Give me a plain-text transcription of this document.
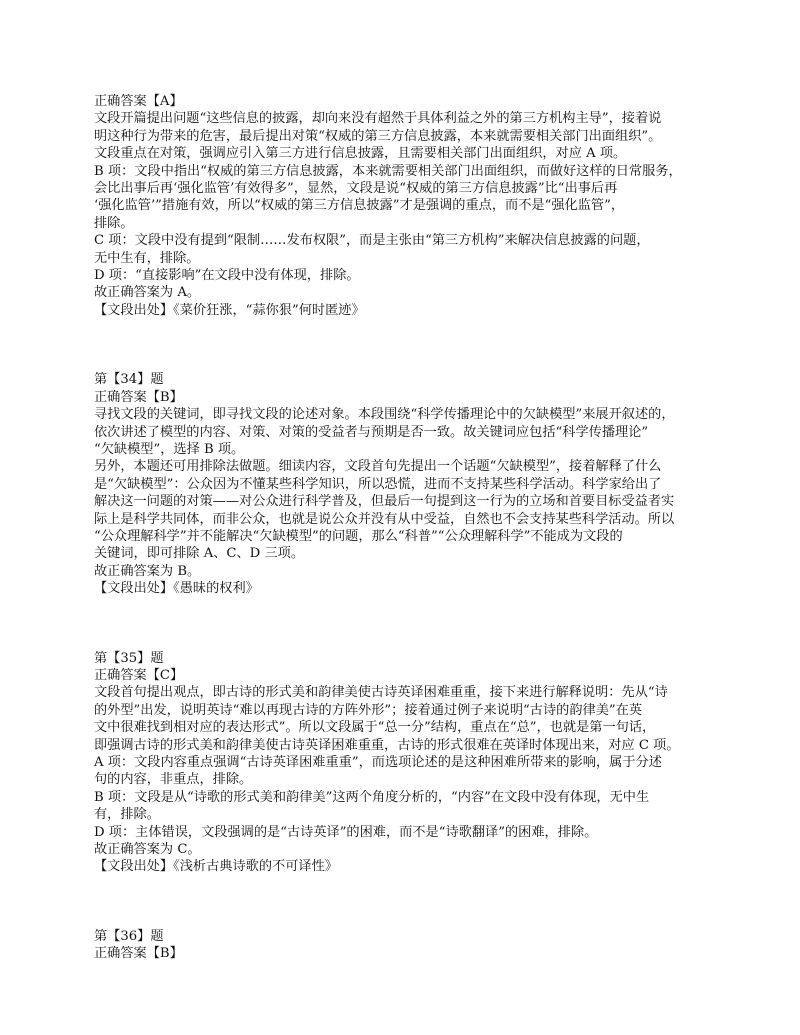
正确答案【A】
文段开篇提出问题“这些信息的披露，却向来没有超然于具体利益之外的第三方机构主导”，接着说
明这种行为带来的危害，最后提出对策“权威的第三方信息披露，本来就需要相关部门出面组织”。
文段重点在对策，强调应引入第三方进行信息披露，且需要相关部门出面组织，对应 A 项。
B 项：文段中指出“权威的第三方信息披露，本来就需要相关部门出面组织，而做好这样的日常服务，
会比出事后再‘强化监管’有效得多”，显然，文段是说“权威的第三方信息披露”比“出事后再
‘强化监管’”措施有效，所以“权威的第三方信息披露”才是强调的重点，而不是“强化监管”，
排除。
C 项：文段中没有提到“限制……发布权限”，而是主张由“第三方机构”来解决信息披露的问题，
无中生有，排除。
D 项：“直接影响”在文段中没有体现，排除。
故正确答案为 A。
【文段出处】《菜价狂涨，“蒜你狠”何时匿迹》
第【34】题
正确答案【B】
寻找文段的关键词，即寻找文段的论述对象。本段围绕“科学传播理论中的欠缺模型”来展开叙述的，
依次讲述了模型的内容、对策、对策的受益者与预期是否一致。故关键词应包括“科学传播理论”
“欠缺模型”，选择 B 项。
另外，本题还可用排除法做题。细读内容，文段首句先提出一个话题“欠缺模型”，接着解释了什么
是“欠缺模型”：公众因为不懂某些科学知识，所以恐慌，进而不支持某些科学活动。科学家给出了
解决这一问题的对策——对公众进行科学普及，但最后一句提到这一行为的立场和首要目标受益者实
际上是科学共同体，而非公众，也就是说公众并没有从中受益，自然也不会支持某些科学活动。所以
“公众理解科学”并不能解决“欠缺模型”的问题，那么“科普”“公众理解科学”不能成为文段的
关键词，即可排除 A、C、D 三项。
故正确答案为 B。
【文段出处】《愚昧的权利》
第【35】题
正确答案【C】
文段首句提出观点，即古诗的形式美和韵律美使古诗英译困难重重，接下来进行解释说明：先从“诗
的外型”出发，说明英诗“难以再现古诗的方阵外形”；接着通过例子来说明“古诗的韵律美”在英
文中很难找到相对应的表达形式”。所以文段属于“总一分”结构，重点在“总”，也就是第一句话，
即强调古诗的形式美和韵律美使古诗英译困难重重，古诗的形式很难在英译时体现出来，对应 C 项。
A 项：文段内容重点强调“古诗英译困难重重”，而选项论述的是这种困难所带来的影响，属于分述
句的内容，非重点，排除。
B 项：文段是从“诗歌的形式美和韵律美”这两个角度分析的，“内容”在文段中没有体现，无中生
有，排除。
D 项：主体错误，文段强调的是“古诗英译”的困难，而不是“诗歌翻译”的困难，排除。
故正确答案为 C。
【文段出处】《浅析古典诗歌的不可译性》
第【36】题
正确答案【B】
